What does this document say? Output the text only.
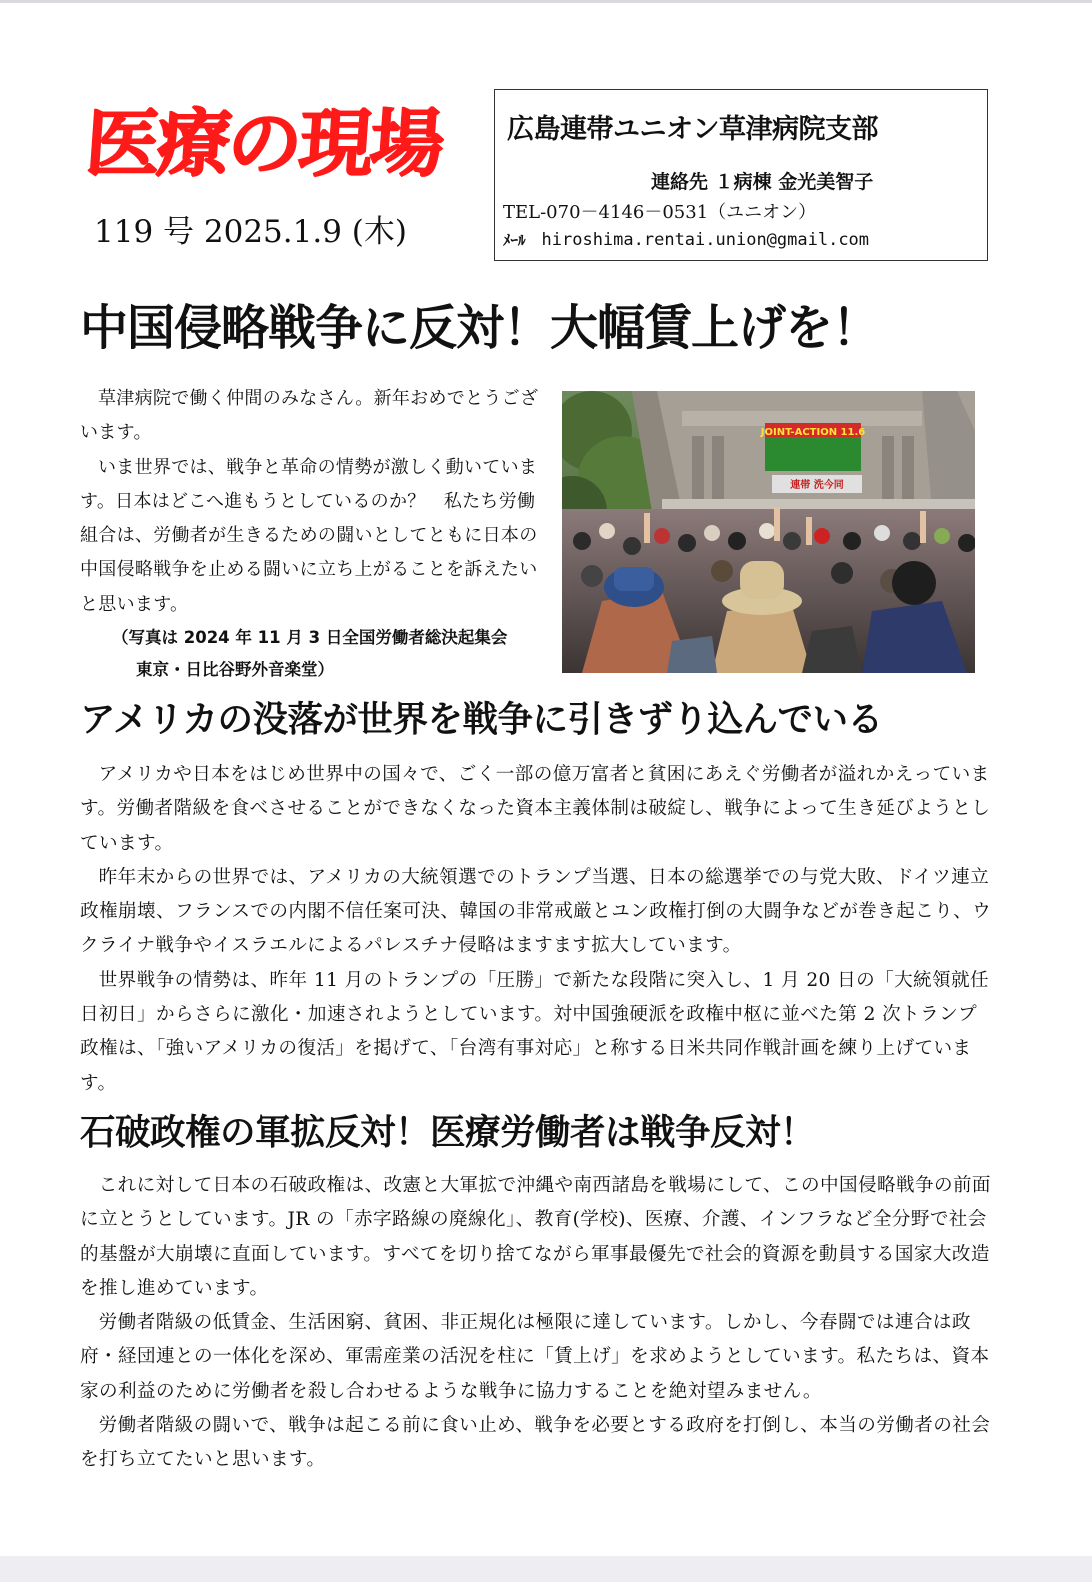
医療の現場
119 号 2025.1.9 (木)
広島連帯ユニオン草津病院支部
連絡先 １病棟 金光美智子
TEL‐070－4146－0531（ユニオン）
ﾒｰﾙ hiroshima.rentai.union@gmail.com
中国侵略戦争に反対！大幅賃上げを！

草津病院で働く仲間のみなさん。新年おめでとうございます。

いま世界では、戦争と革命の情勢が激しく動いています。日本はどこへ進もうとしているのか？　私たち労働組合は、労働者が生きるための闘いとしてともに日本の中国侵略戦争を止める闘いに立ち上がることを訴えたいと思います。

（写真は 2024 年 11 月 3 日全国労働者総決起集会
東京・日比谷野外音楽堂）
JOINT-ACTION 11.6
連帯 洗今同
アメリカの没落が世界を戦争に引きずり込んでいる

アメリカや日本をはじめ世界中の国々で、ごく一部の億万富者と貧困にあえぐ労働者が溢れかえっています。労働者階級を食べさせることができなくなった資本主義体制は破綻し、戦争によって生き延びようとしています。

昨年末からの世界では、アメリカの大統領選でのトランプ当選、日本の総選挙での与党大敗、ドイツ連立政権崩壊、フランスでの内閣不信任案可決、韓国の非常戒厳とユン政権打倒の大闘争などが巻き起こり、ウクライナ戦争やイスラエルによるパレスチナ侵略はますます拡大しています。

世界戦争の情勢は、昨年 11 月のトランプの「圧勝」で新たな段階に突入し、1 月 20 日の「大統領就任日初日」からさらに激化・加速されようとしています。対中国強硬派を政権中枢に並べた第 2 次トランプ政権は、「強いアメリカの復活」を掲げて、「台湾有事対応」と称する日米共同作戦計画を練り上げています。

石破政権の軍拡反対！医療労働者は戦争反対！

これに対して日本の石破政権は、改憲と大軍拡で沖縄や南西諸島を戦場にして、この中国侵略戦争の前面に立とうとしています。JR の「赤字路線の廃線化」、教育(学校)、医療、介護、インフラなど全分野で社会的基盤が大崩壊に直面しています。すべてを切り捨てながら軍事最優先で社会的資源を動員する国家大改造を推し進めています。

労働者階級の低賃金、生活困窮、貧困、非正規化は極限に達しています。しかし、今春闘では連合は政府・経団連との一体化を深め、軍需産業の活況を柱に「賃上げ」を求めようとしています。私たちは、資本家の利益のために労働者を殺し合わせるような戦争に協力することを絶対望みません。

労働者階級の闘いで、戦争は起こる前に食い止め、戦争を必要とする政府を打倒し、本当の労働者の社会を打ち立てたいと思います。
